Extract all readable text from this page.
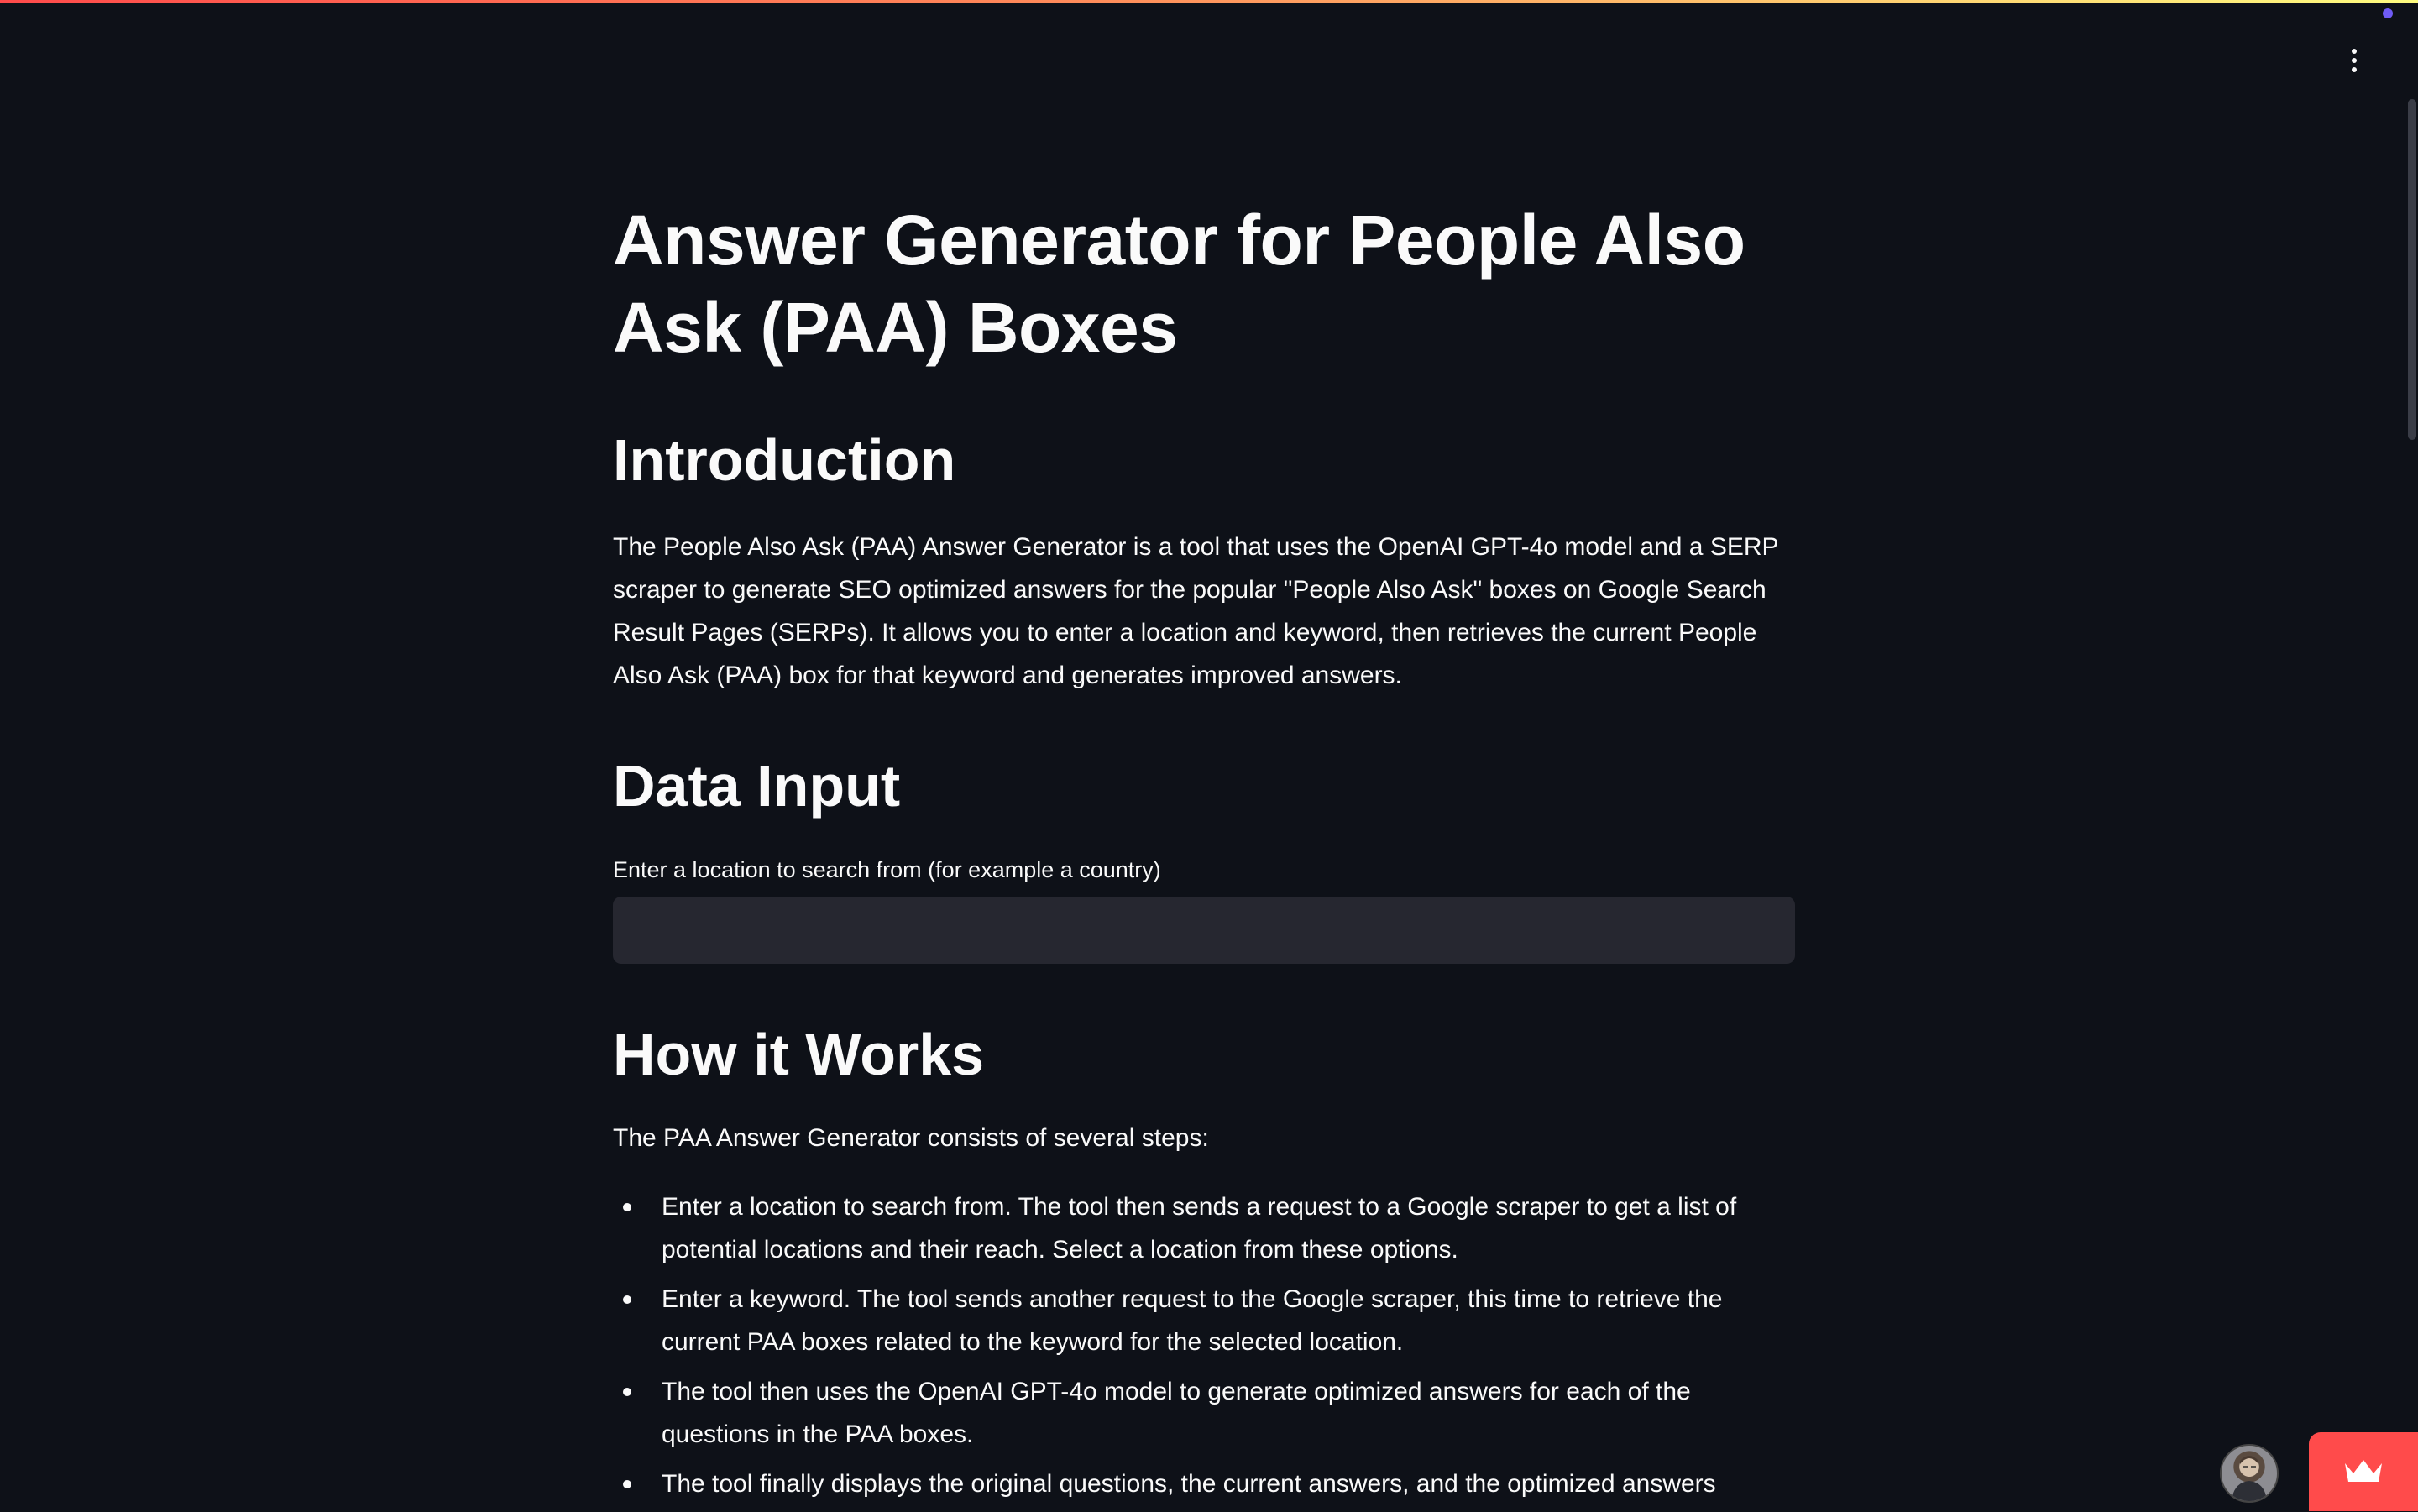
Answer Generator for People Also Ask (PAA) Boxes
Introduction

The People Also Ask (PAA) Answer Generator is a tool that uses the OpenAI GPT-4o model and a SERP scraper to generate SEO optimized answers for the popular "People Also Ask" boxes on Google Search Result Pages (SERPs). It allows you to enter a location and keyword, then retrieves the current People Also Ask (PAA) box for that keyword and generates improved answers.

Data Input
Enter a location to search from (for example a country)
How it Works

The PAA Answer Generator consists of several steps:

Enter a location to search from. The tool then sends a request to a Google scraper to get a list of potential locations and their reach. Select a location from these options.
Enter a keyword. The tool sends another request to the Google scraper, this time to retrieve the current PAA boxes related to the keyword for the selected location.
The tool then uses the OpenAI GPT-4o model to generate optimized answers for each of the questions in the PAA boxes.
The tool finally displays the original questions, the current answers, and the optimized answers
